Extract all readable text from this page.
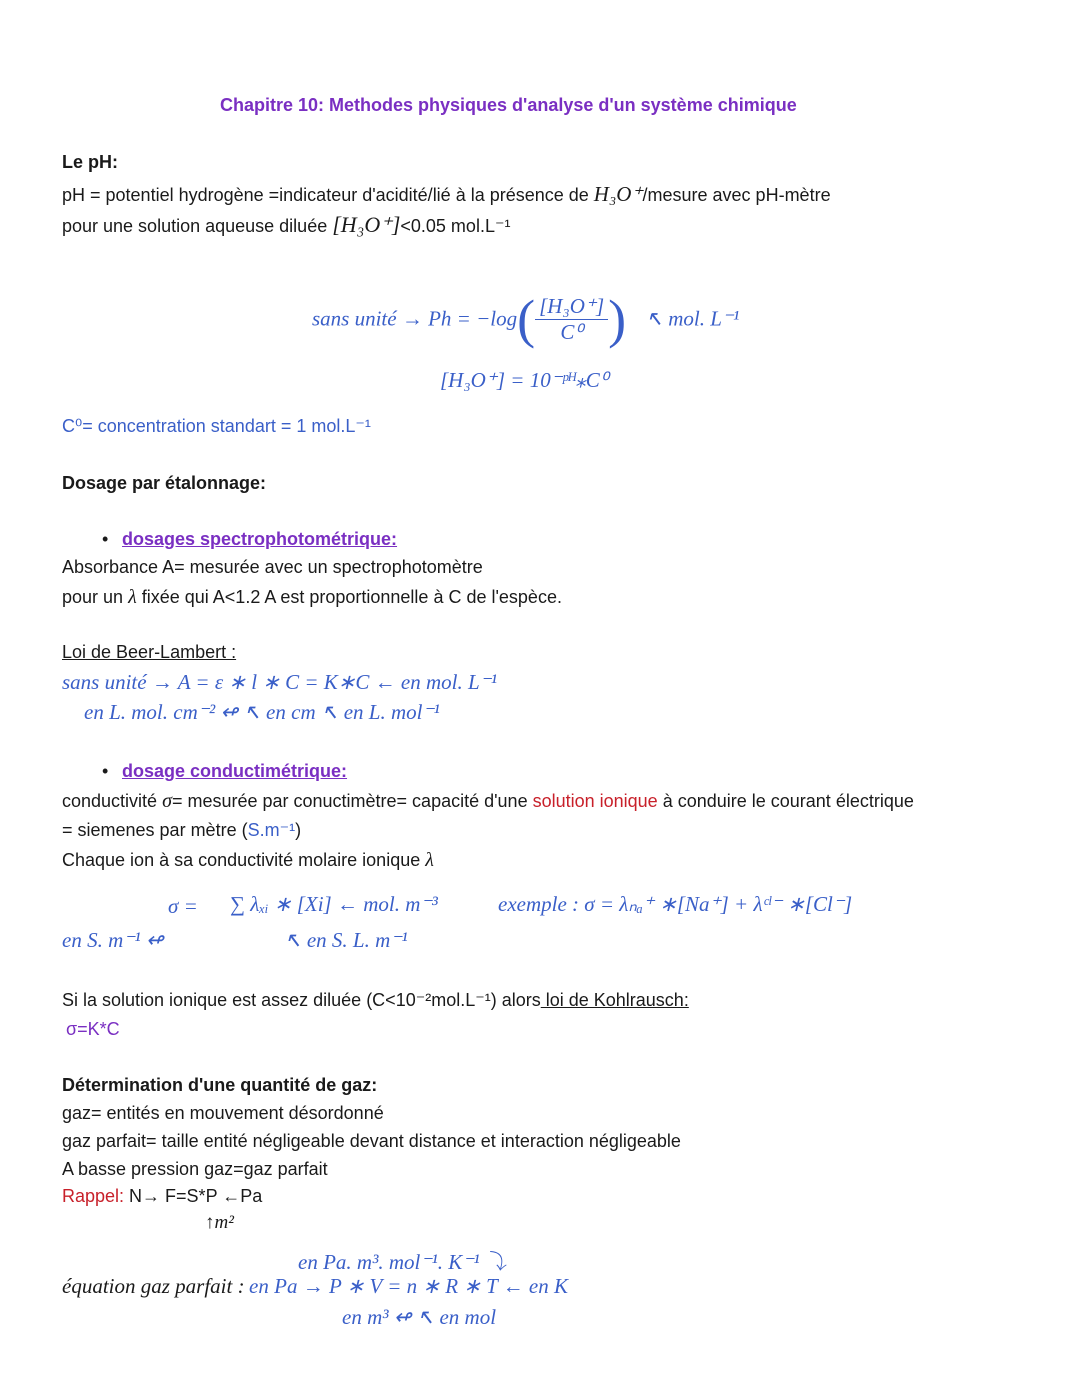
Chapitre 10: Methodes physiques d'analyse d'un système chimique
Le pH:
pH = potentiel hydrogène =indicateur d'acidité/lié à la présence de H₃O⁺/mesure avec pH-mètre
pour une solution aqueuse diluée [H₃O⁺]<0.05 mol.L⁻¹
sans unité → $Ph = -\log( \frac{\text{[H₃O⁺]}}{\text{C⁰}}$ ) ↖ mol. L⁻¹
[H₃O⁺] = 10⁻ᵖᴴ⁎C⁰
C⁰= concentration standart = 1 mol.L⁻¹
Dosage par étalonnage:
• dosages spectrophotométrique:
Absorbance A= mesurée avec un spectrophotomètre
pour un λ fixée qui A<1.2 A est proportionnelle à C de l'espèce.
Loi de Beer-Lambert :
sans unité → A = ε ∗ l ∗ C = K∗C ← en mol. L⁻¹
en L. mol. cm⁻² ↫ ↖ en cm ↖ en L. mol⁻¹
• dosage conductimétrique:
conductivité σ= mesurée par conuctimètre= capacité d'une solution ionique à conduire le courant électrique
= siemenes par mètre (S.m⁻¹)
Chaque ion à sa conductivité molaire ionique λ
σ = ∑ λₓᵢ ∗ [Xi] ← mol. m⁻³	exemple : σ = λₙₐ⁺ ∗[Na⁺] + λᶜˡ⁻ ∗[Cl⁻]
en S. m⁻¹ ↫	↖ en S. L. m⁻¹
Si la solution ionique est assez diluée (C<10⁻²mol.L⁻¹) alors loi de Kohlrausch:
σ=K*C
Détermination d'une quantité de gaz:
gaz= entités en mouvement désordonné
gaz parfait= taille entité négligeable devant distance et interaction négligeable
A basse pression gaz=gaz parfait
Rappel: N→ F=S*P ←Pa
↑m²
en Pa. m³. mol⁻¹. K⁻¹ ⤵
équation gaz parfait : en Pa → P ∗ V = n ∗ R ∗ T ← en K
en m³ ↫ ↖ en mol
